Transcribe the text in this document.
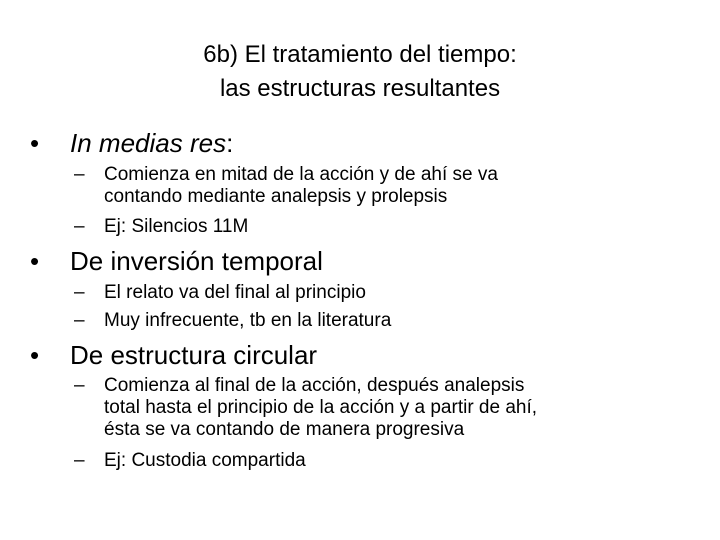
6b) El tratamiento del tiempo:
las estructuras resultantes
• In medias res:
– Comienza en mitad de la acción y de ahí se va
contando mediante analepsis y prolepsis
– Ej: Silencios 11M
• De inversión temporal
– El relato va del final al principio
– Muy infrecuente, tb en la literatura
• De estructura circular
– Comienza al final de la acción, después analepsis
total hasta el principio de la acción y a partir de ahí,
ésta se va contando de manera progresiva
– Ej: Custodia compartida
